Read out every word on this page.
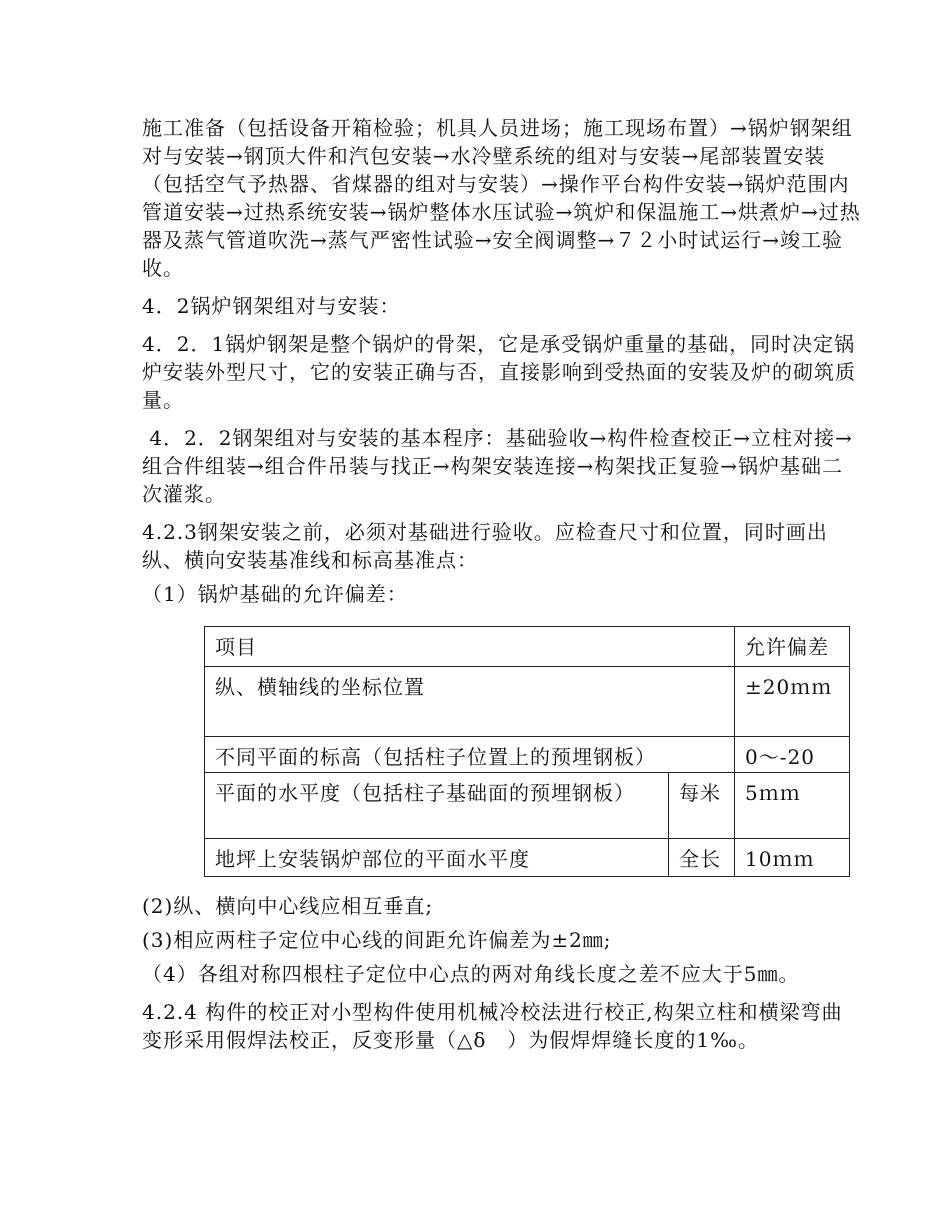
施工准备（包括设备开箱检验；机具人员进场；施工现场布置）→锅炉钢架组对与安装→钢顶大件和汽包安装→水冷壁系统的组对与安装→尾部装置安装（包括空气予热器、省煤器的组对与安装）→操作平台构件安装→锅炉范围内管道安装→过热系统安装→锅炉整体水压试验→筑炉和保温施工→烘煮炉→过热器及蒸气管道吹洗→蒸气严密性试验→安全阀调整→７２小时试运行→竣工验收。

4．2锅炉钢架组对与安装：

4．2．1锅炉钢架是整个锅炉的骨架，它是承受锅炉重量的基础，同时决定锅炉安装外型尺寸，它的安装正确与否，直接影响到受热面的安装及炉的砌筑质量。

4．2．2钢架组对与安装的基本程序：基础验收→构件检查校正→立柱对接→组合件组装→组合件吊装与找正→构架安装连接→构架找正复验→锅炉基础二次灌浆。

4.2.3钢架安装之前，必须对基础进行验收。应检查尺寸和位置，同时画出纵、横向安装基准线和标高基准点：

（1）锅炉基础的允许偏差：

项目		允许偏差
纵、横轴线的坐标位置		±20ｍｍ
不同平面的标高（包括柱子位置上的预埋钢板）		0～-20
平面的水平度（包括柱子基础面的预埋钢板）	每米	5ｍｍ
地坪上安装锅炉部位的平面水平度	全长	10ｍｍ

(2)纵、横向中心线应相互垂直;

(3)相应两柱子定位中心线的间距允许偏差为±2㎜;

（4）各组对称四根柱子定位中心点的两对角线长度之差不应大于5㎜。

4.2.4 构件的校正对小型构件使用机械冷校法进行校正,构架立柱和横梁弯曲变形采用假焊法校正，反变形量（△δ　）为假焊焊缝长度的1‰。
